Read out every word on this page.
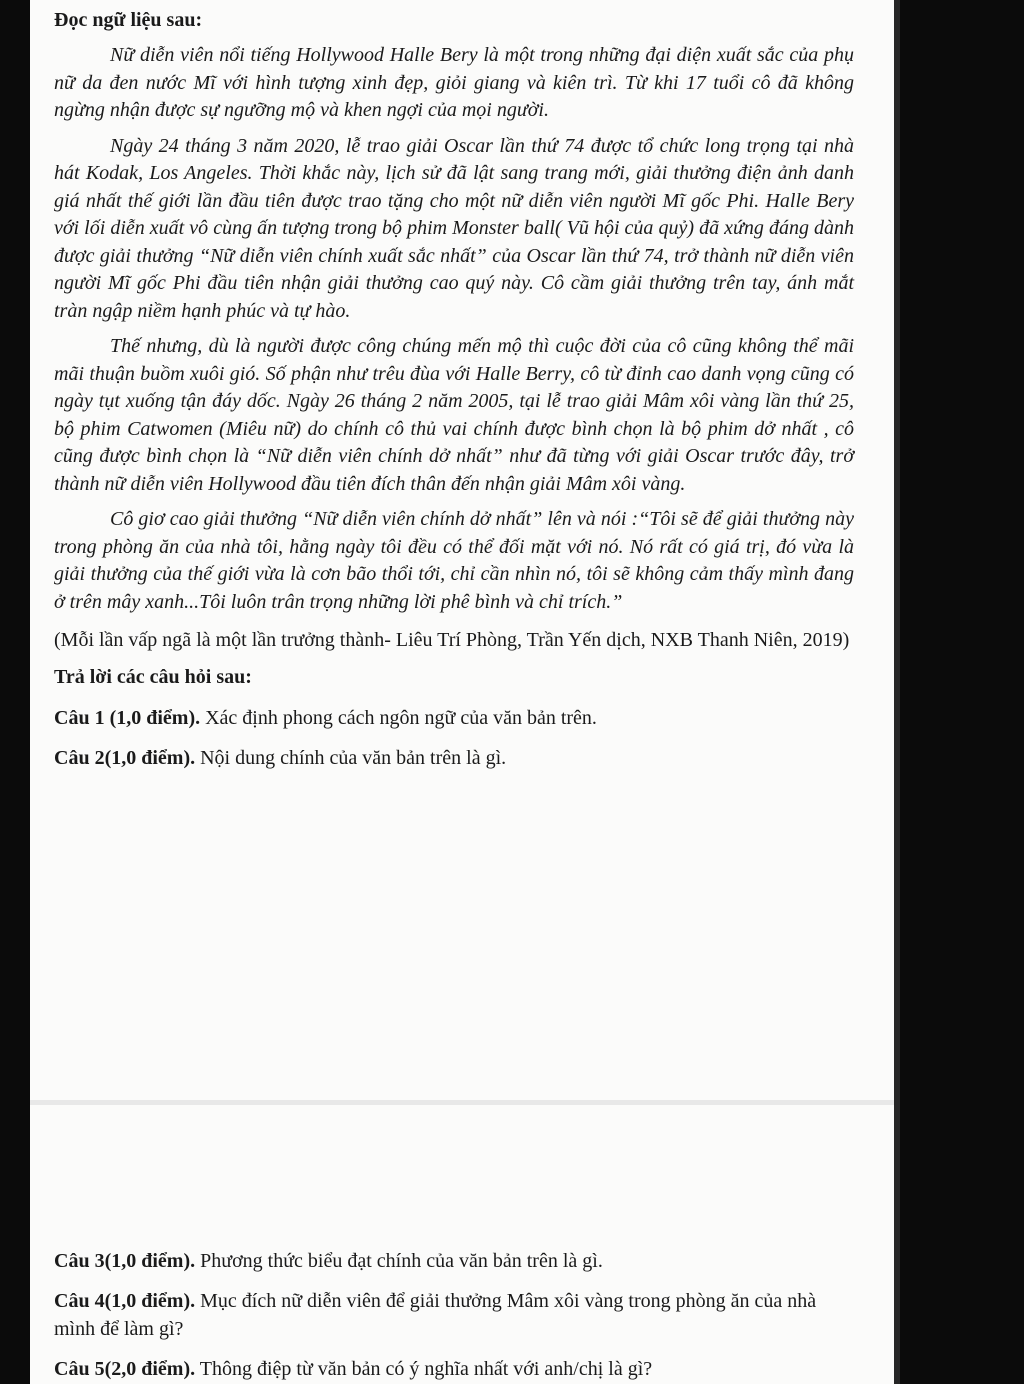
Đọc ngữ liệu sau:

Nữ diễn viên nổi tiếng Hollywood Halle Bery là một trong những đại diện xuất sắc của phụ nữ da đen nước Mĩ với hình tượng xinh đẹp, giỏi giang và kiên trì. Từ khi 17 tuổi cô đã không ngừng nhận được sự ngưỡng mộ và khen ngợi của mọi người.

Ngày 24 tháng 3 năm 2020, lễ trao giải Oscar lần thứ 74 được tổ chức long trọng tại nhà hát Kodak, Los Angeles. Thời khắc này, lịch sử đã lật sang trang mới, giải thưởng điện ảnh danh giá nhất thế giới lần đầu tiên được trao tặng cho một nữ diễn viên người Mĩ gốc Phi. Halle Bery với lối diễn xuất vô cùng ấn tượng trong bộ phim Monster ball( Vũ hội của quỷ) đã xứng đáng dành được giải thưởng “Nữ diễn viên chính xuất sắc nhất” của Oscar lần thứ 74, trở thành nữ diễn viên người Mĩ gốc Phi đầu tiên nhận giải thưởng cao quý này. Cô cầm giải thưởng trên tay, ánh mắt tràn ngập niềm hạnh phúc và tự hào.

Thế nhưng, dù là người được công chúng mến mộ thì cuộc đời của cô cũng không thể mãi mãi thuận buồm xuôi gió. Số phận như trêu đùa với Halle Berry, cô từ đỉnh cao danh vọng cũng có ngày tụt xuống tận đáy dốc. Ngày 26 tháng 2 năm 2005, tại lễ trao giải Mâm xôi vàng lần thứ 25, bộ phim Catwomen (Miêu nữ) do chính cô thủ vai chính được bình chọn là bộ phim dở nhất , cô cũng được bình chọn là “Nữ diễn viên chính dở nhất” như đã từng với giải Oscar trước đây, trở thành nữ diễn viên Hollywood đầu tiên đích thân đến nhận giải Mâm xôi vàng.

Cô giơ cao giải thưởng “Nữ diễn viên chính dở nhất” lên và nói :“Tôi sẽ để giải thưởng này trong phòng ăn của nhà tôi, hằng ngày tôi đều có thể đối mặt với nó. Nó rất có giá trị, đó vừa là giải thưởng của thế giới vừa là cơn bão thổi tới, chỉ cần nhìn nó, tôi sẽ không cảm thấy mình đang ở trên mây xanh...Tôi luôn trân trọng những lời phê bình và chỉ trích.”

(Mỗi lần vấp ngã là một lần trưởng thành- Liêu Trí Phòng, Trần Yến dịch, NXB Thanh Niên, 2019)
Trả lời các câu hỏi sau:
Câu 1 (1,0 điểm). Xác định phong cách ngôn ngữ của văn bản trên.
Câu 2(1,0 điểm). Nội dung chính của văn bản trên là gì.
Câu 3(1,0 điểm). Phương thức biểu đạt chính của văn bản trên là gì.
Câu 4(1,0 điểm). Mục đích nữ diễn viên để giải thưởng Mâm xôi vàng trong phòng ăn của nhà mình để làm gì?
Câu 5(2,0 điểm). Thông điệp từ văn bản có ý nghĩa nhất với anh/chị là gì?
